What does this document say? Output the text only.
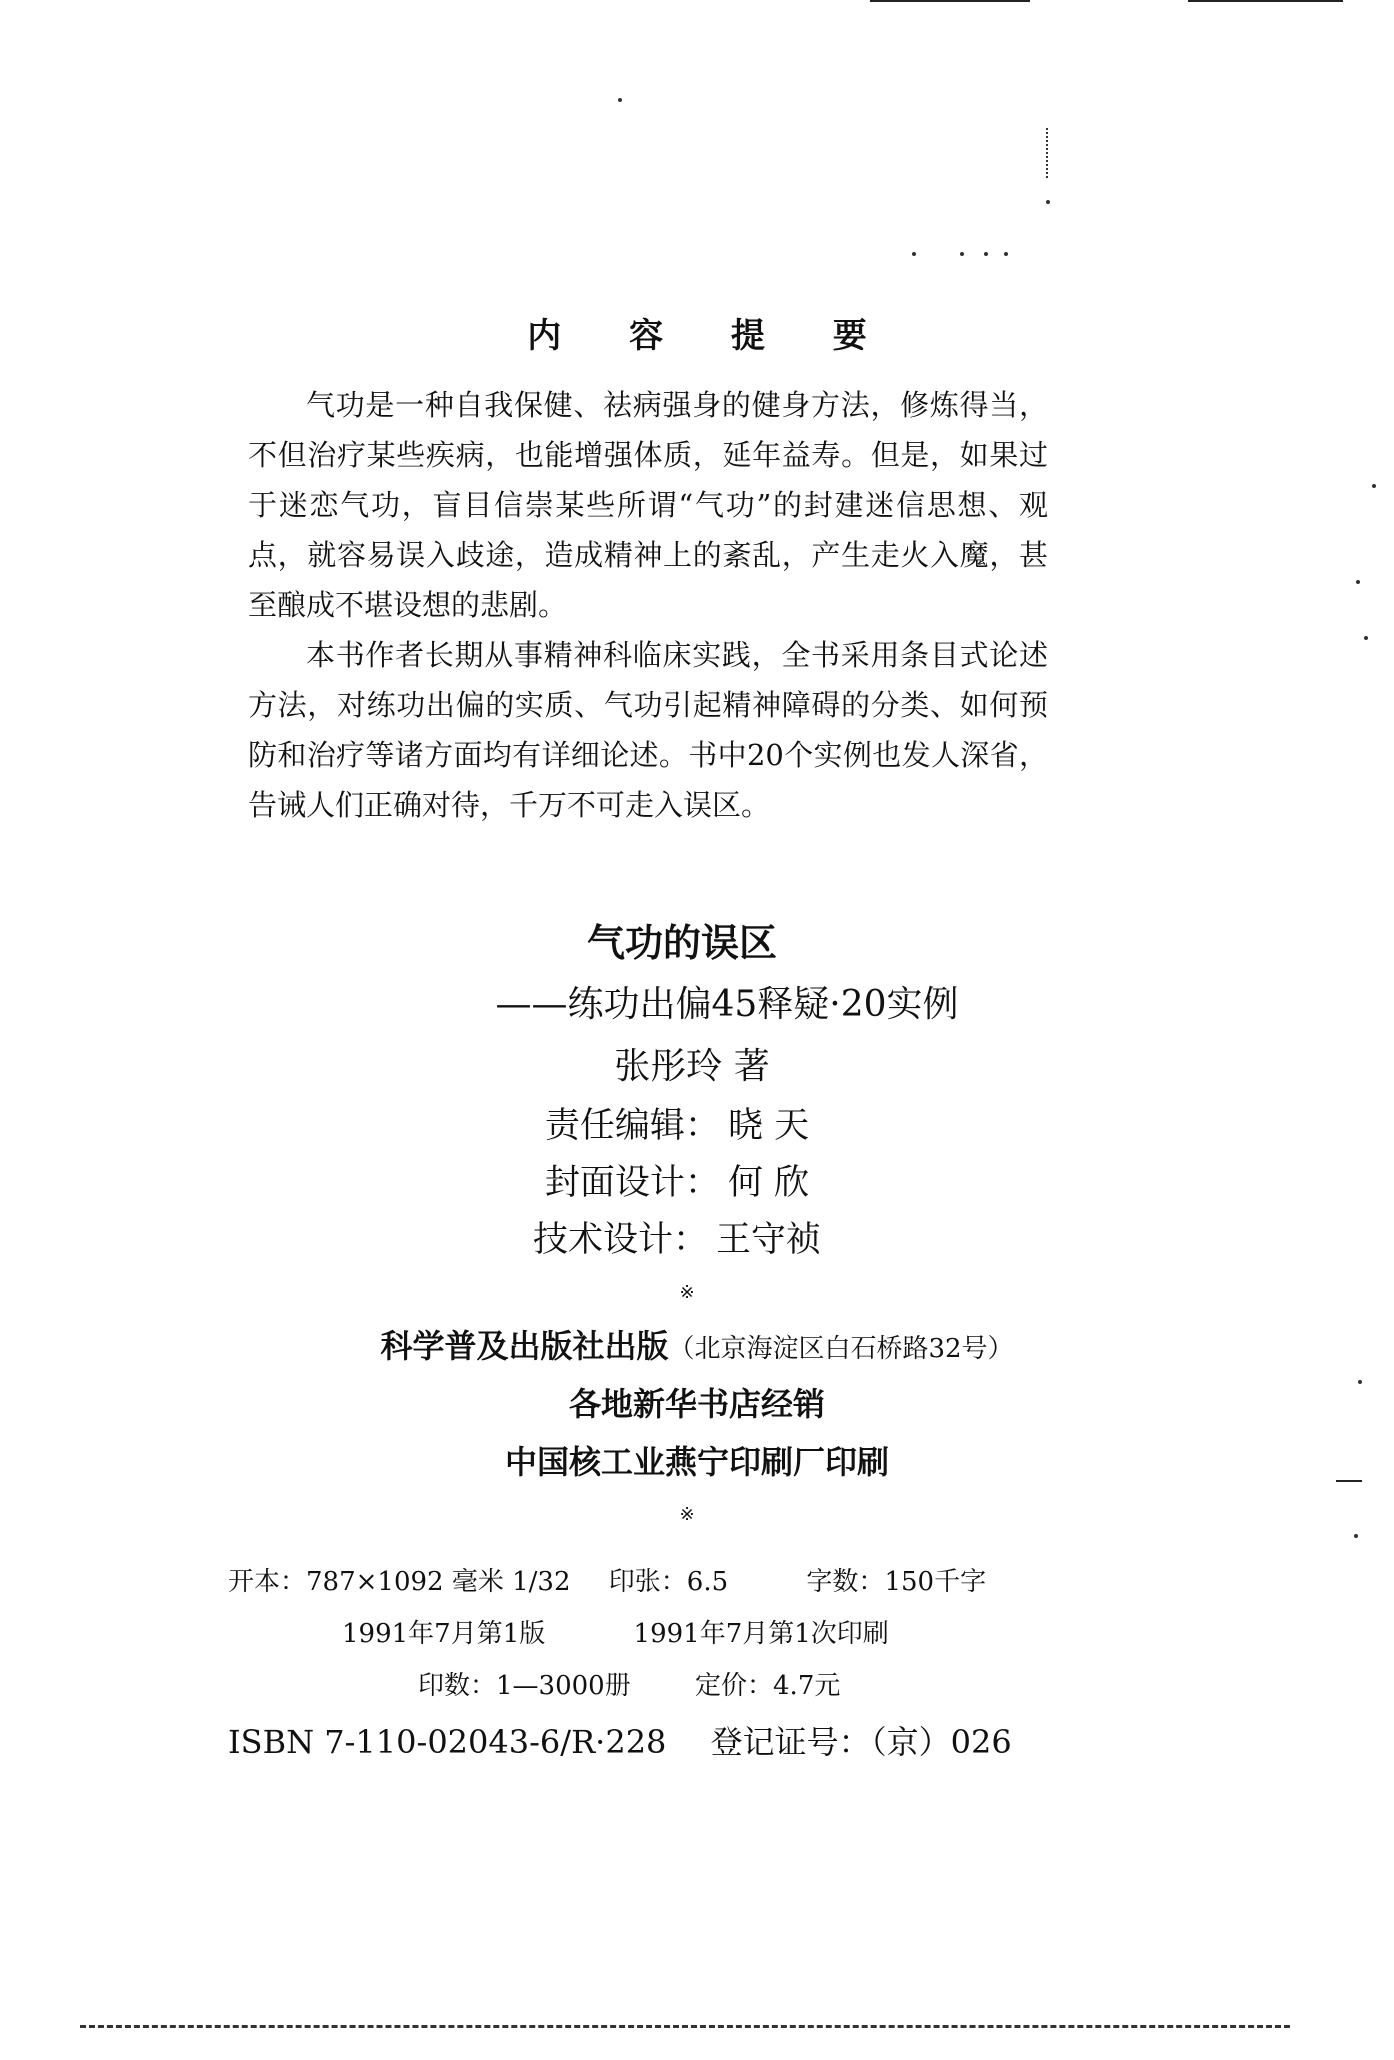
内 容 提 要

气功是一种自我保健、祛病强身的健身方法，修炼得当，不但治疗某些疾病，也能增强体质，延年益寿。但是，如果过于迷恋气功，盲目信崇某些所谓“气功”的封建迷信思想、观点，就容易误入歧途，造成精神上的紊乱，产生走火入魔，甚至酿成不堪设想的悲剧。

本书作者长期从事精神科临床实践，全书采用条目式论述方法，对练功出偏的实质、气功引起精神障碍的分类、如何预防和治疗等诸方面均有详细论述。书中20个实例也发人深省，告诫人们正确对待，千万不可走入误区。

气功的误区
——练功出偏45释疑·20实例
张彤玲 著
责任编辑： 晓 天
封面设计： 何 欣
技术设计： 王守祯
※
科学普及出版社出版（北京海淀区白石桥路32号）
各地新华书店经销
中国核工业燕宁印刷厂印刷
※
开本：787×1092 毫米 1/32 印张：6.5	字数：150千字
1991年7月第1版	1991年7月第1次印刷
印数：1—3000册 定价：4.7元
ISBN 7-110-02043-6/R·228 登记证号：（京）026
